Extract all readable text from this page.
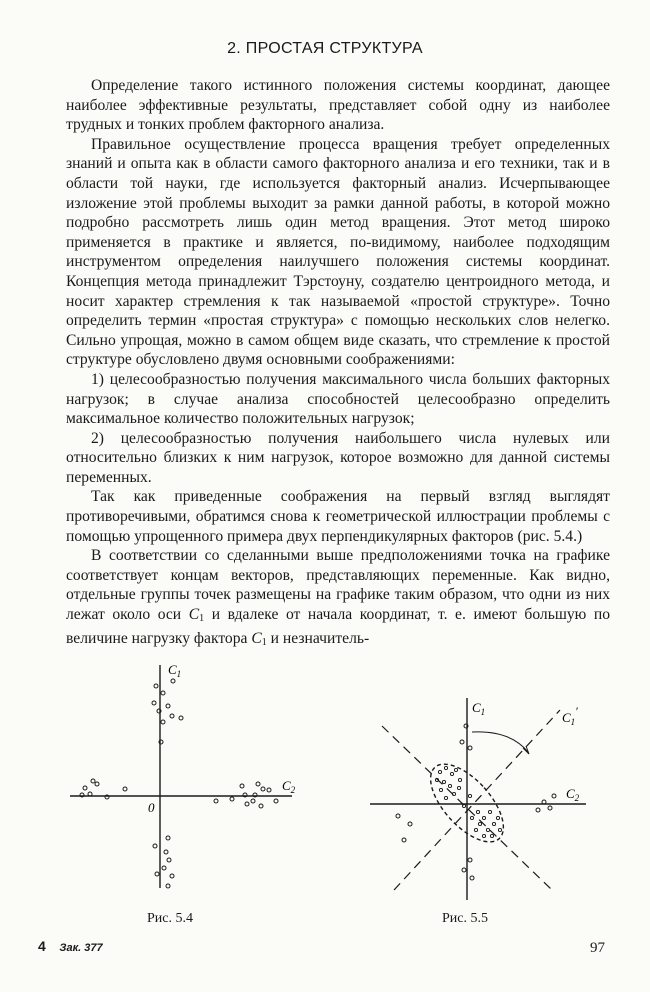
2. ПРОСТАЯ СТРУКТУРА

Определение такого истинного положения системы координат, дающее наиболее эффективные результаты, представляет собой одну из наиболее трудных и тонких проблем факторного анализа.

Правильное осуществление процесса вращения требует определенных знаний и опыта как в области самого факторного анализа и его техники, так и в области той науки, где используется факторный анализ. Исчерпывающее изложение этой проблемы выходит за рамки данной работы, в которой можно подробно рассмотреть лишь один метод вращения. Этот метод широко применяется в практике и является, по-видимому, наиболее подходящим инструментом определения наилучшего положения системы координат. Концепция метода принадлежит Тэрстоуну, создателю центроидного метода, и носит характер стремления к так называемой «простой структуре». Точно определить термин «простая структура» с помощью нескольких слов нелегко. Сильно упрощая, можно в самом общем виде сказать, что стремление к простой структуре обусловлено двумя основными соображениями:

1) целесообразностью получения максимального числа больших факторных нагрузок; в случае анализа способностей целесообразно определить максимальное количество положительных нагрузок;

2) целесообразностью получения наибольшего числа нулевых или относительно близких к ним нагрузок, которое возможно для данной системы переменных.

Так как приведенные соображения на первый взгляд выглядят противоречивыми, обратимся снова к геометрической иллюстрации проблемы с помощью упрощенного примера двух перпендикулярных факторов (рис. 5.4.)

В соответствии со сделанными выше предположениями точка на графике соответствует концам векторов, представляющих переменные. Как видно, отдельные группы точек размещены на графике таким образом, что одни из них лежат около оси $C_1$ и вдалеке от начала координат, т. е. имеют большую по величине нагрузку фактора $C_1$ и незначитель-

$C_1$
$C_2$
0
Рис. 5.4
$C_1$	$C_1'$
$C_2$
Рис. 5.5
4 Зак. 377	97
